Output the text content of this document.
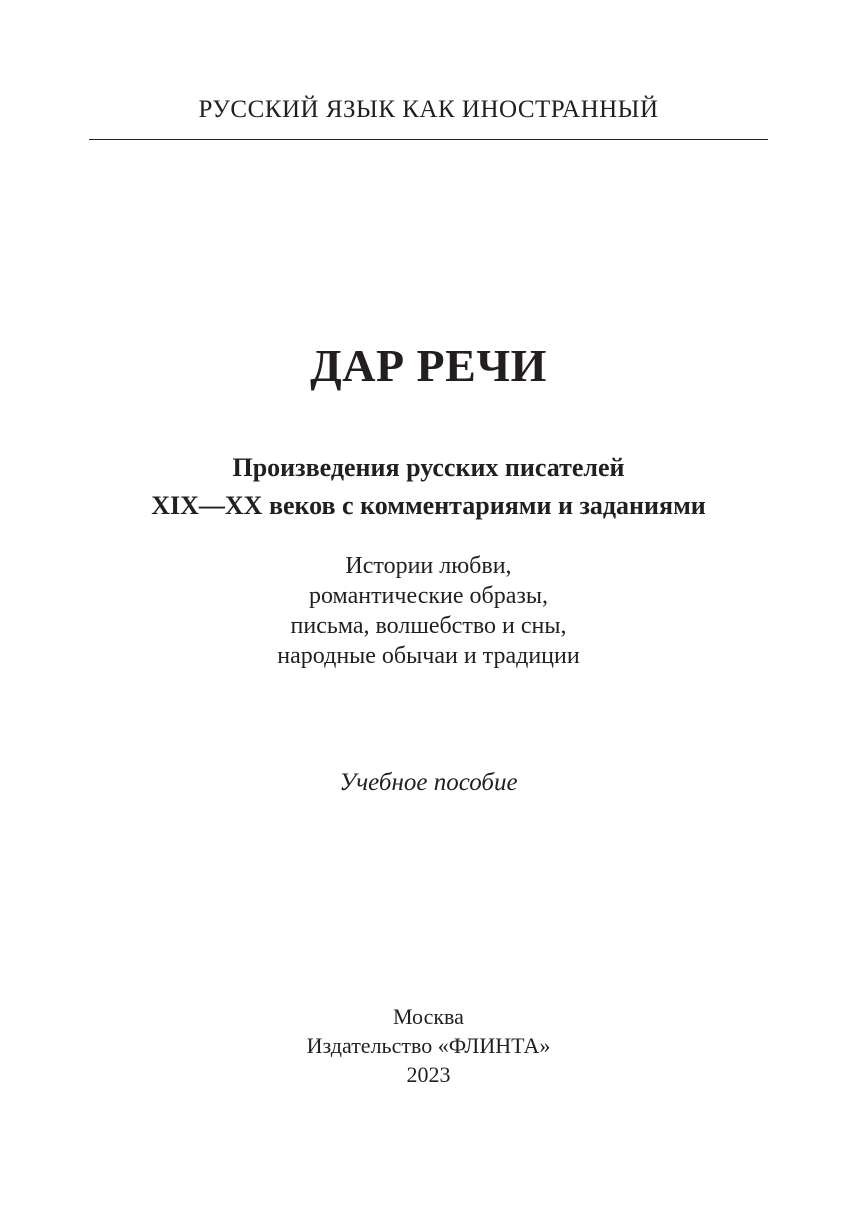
РУССКИЙ ЯЗЫК КАК ИНОСТРАННЫЙ
ДАР РЕЧИ
Произведения русских писателей
XIX—XX веков с комментариями и заданиями
Истории любви,
романтические образы,
письма, волшебство и сны,
народные обычаи и традиции
Учебное пособие
Москва
Издательство «ФЛИНТА»
2023
